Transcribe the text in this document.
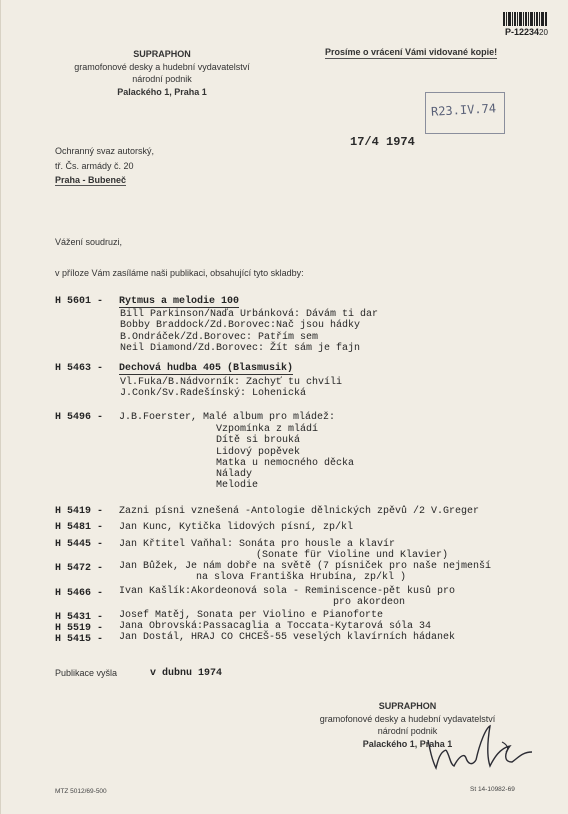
SUPRAPHON
gramofonové desky a hudební vydavatelství
národní podnik
Palackého 1, Praha 1
P-1223420
Prosíme o vrácení Vámi vidované kopie!
R23.IV.74
17/4 1974
Ochranný svaz autorský,
tř. Čs. armády č. 20
Praha - Bubeneč
Vážení soudruzi,
v příloze Vám zasíláme naši publikaci, obsahující tyto skladby:
H 5601 - Rytmus a melodie 100
Bill Parkinson/Naďa Urbánková: Dávám ti dar
Bobby Braddock/Zd.Borovec:Nač jsou hádky
B.Ondráček/Zd.Borovec: Patřím sem
Neil Diamond/Zd.Borovec: Žít sám je fajn
H 5463 - Dechová hudba 405 (Blasmusik)
Vl.Fuka/B.Nádvorník: Zachyť tu chvíli
J.Conk/Sv.Radešínský: Lohenická
H 5496 - J.B.Foerster, Malé album pro mládež:
Vzpomínka z mládí
Dítě si brouká
Lidový popěvek
Matka u nemocného děcka
Nálady
Melodie
H 5419 - Zazni písni vznešená -Antologie dělnických zpěvů /2 V.Greger
H 5481 - Jan Kunc, Kytička lidových písní, zp/kl
H 5445 - Jan Křtitel Vaňhal: Sonáta pro housle a klavír
(Sonate für Violine und Klavier)
H 5472 - Jan Bůžek, Je nám dobře na světě (7 písniček pro naše nejmenší
na slova Františka Hrubína, zp/kl )
H 5466 - Ivan Kašlík:Akordeonová sola - Reminiscence-pět kusů pro
pro akordeon
H 5431 - Josef Matěj, Sonata per Violino e Pianoforte
H 5519 - Jana Obrovská:Passacaglia a Toccata-Kytarová sóla 34
H 5415 - Jan Dostál, HRAJ CO CHCEŠ-55 veselých klavírních hádanek
Publikace vyšla	v dubnu 1974
SUPRAPHON
gramofonové desky a hudební vydavatelství
národní podnik
Palackého 1, Praha 1
MTZ 5012/69-500	St 14-10982-69
